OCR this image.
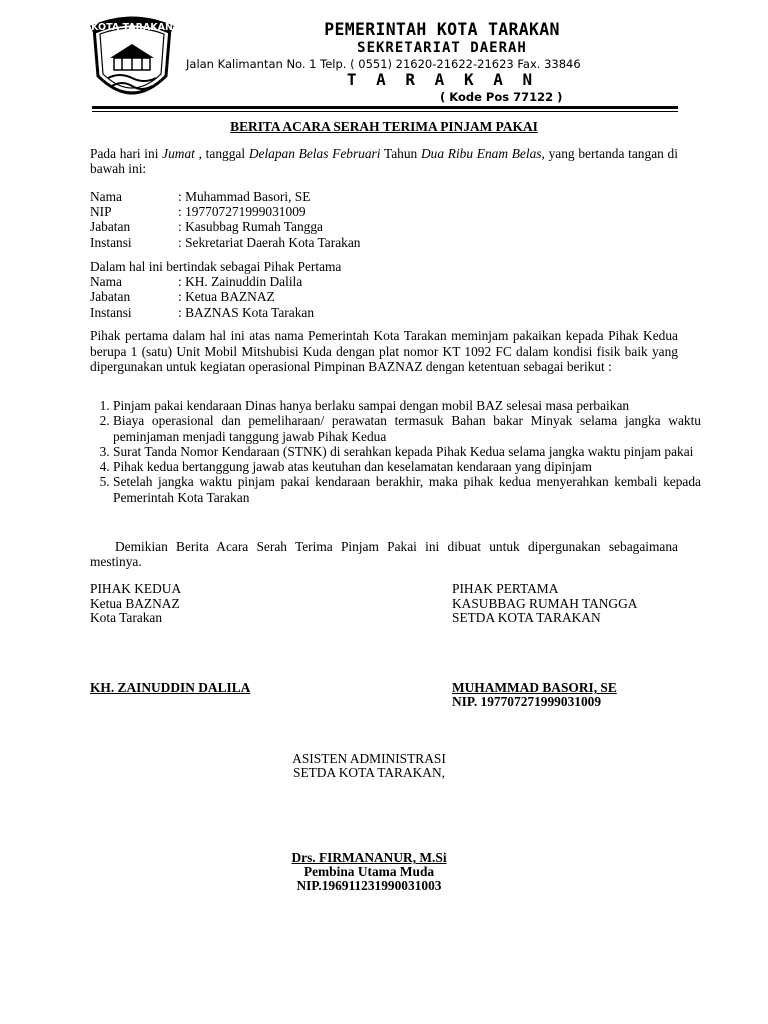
KOTA TARAKAN	PEMERINTAH KOTA TARAKAN
SEKRETARIAT DAERAH
Jalan Kalimantan No. 1 Telp. ( 0551) 21620-21622-21623 Fax. 33846
T A R A K A N
( Kode Pos 77122 )
BERITA ACARA SERAH TERIMA PINJAM PAKAI
Pada hari ini Jumat , tanggal Delapan Belas Februari Tahun Dua Ribu Enam Belas, yang bertanda tangan di bawah ini:
Nama	: Muhammad Basori, SE
NIP	: 197707271999031009
Jabatan	: Kasubbag Rumah Tangga
Instansi	: Sekretariat Daerah Kota Tarakan
Dalam hal ini bertindak sebagai Pihak Pertama
Nama	: KH. Zainuddin Dalila
Jabatan	: Ketua BAZNAZ
Instansi	: BAZNAS Kota Tarakan
Pihak pertama dalam hal ini atas nama Pemerintah Kota Tarakan meminjam pakaikan kepada Pihak Kedua berupa 1 (satu) Unit Mobil Mitshubisi Kuda dengan plat nomor KT 1092 FC dalam kondisi fisik baik yang dipergunakan untuk kegiatan operasional Pimpinan BAZNAZ dengan ketentuan sebagai berikut :
1. Pinjam pakai kendaraan Dinas hanya berlaku sampai dengan mobil BAZ selesai masa perbaikan
2. Biaya operasional dan pemeliharaan/ perawatan termasuk Bahan bakar Minyak selama jangka waktu peminjaman menjadi tanggung jawab Pihak Kedua
3. Surat Tanda Nomor Kendaraan (STNK) di serahkan kepada Pihak Kedua selama jangka waktu pinjam pakai
4. Pihak kedua bertanggung jawab atas keutuhan dan keselamatan kendaraan yang dipinjam
5. Setelah jangka waktu pinjam pakai kendaraan berakhir, maka pihak kedua menyerahkan kembali kepada Pemerintah Kota Tarakan
Demikian Berita Acara Serah Terima Pinjam Pakai ini dibuat untuk dipergunakan sebagaimana mestinya.
PIHAK KEDUA
Ketua BAZNAZ
Kota Tarakan
KH. ZAINUDDIN DALILA
PIHAK PERTAMA
KASUBBAG RUMAH TANGGA
SETDA KOTA TARAKAN
MUHAMMAD BASORI, SE
NIP. 197707271999031009
ASISTEN ADMINISTRASI
SETDA KOTA TARAKAN,
Drs. FIRMANANUR, M.Si
Pembina Utama Muda
NIP.196911231990031003
